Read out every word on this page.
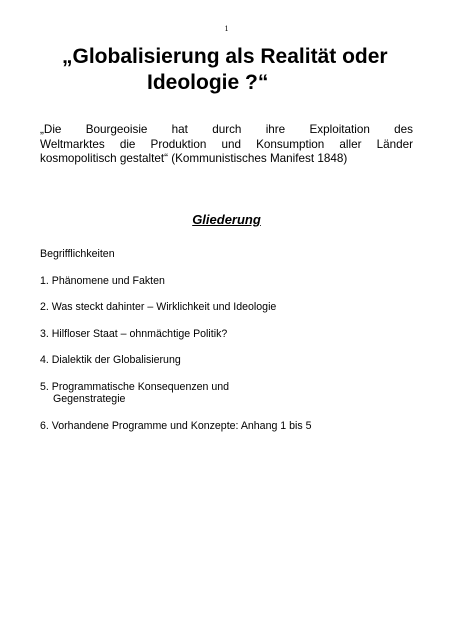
1
„Globalisierung als Realität oder
Ideologie ?“

„Die Bourgeoisie hat durch ihre Exploitation des
Weltmarktes die Produktion und Konsumption aller Länder
kosmopolitisch gestaltet“ (Kommunistisches Manifest 1848)

Gliederung
Begrifflichkeiten
1. Phänomene und Fakten
2. Was steckt dahinter – Wirklichkeit und Ideologie
3. Hilfloser Staat – ohnmächtige Politik?
4. Dialektik der Globalisierung
5. Programmatische Konsequenzen und
Gegenstrategie
6. Vorhandene Programme und Konzepte: Anhang 1 bis 5
